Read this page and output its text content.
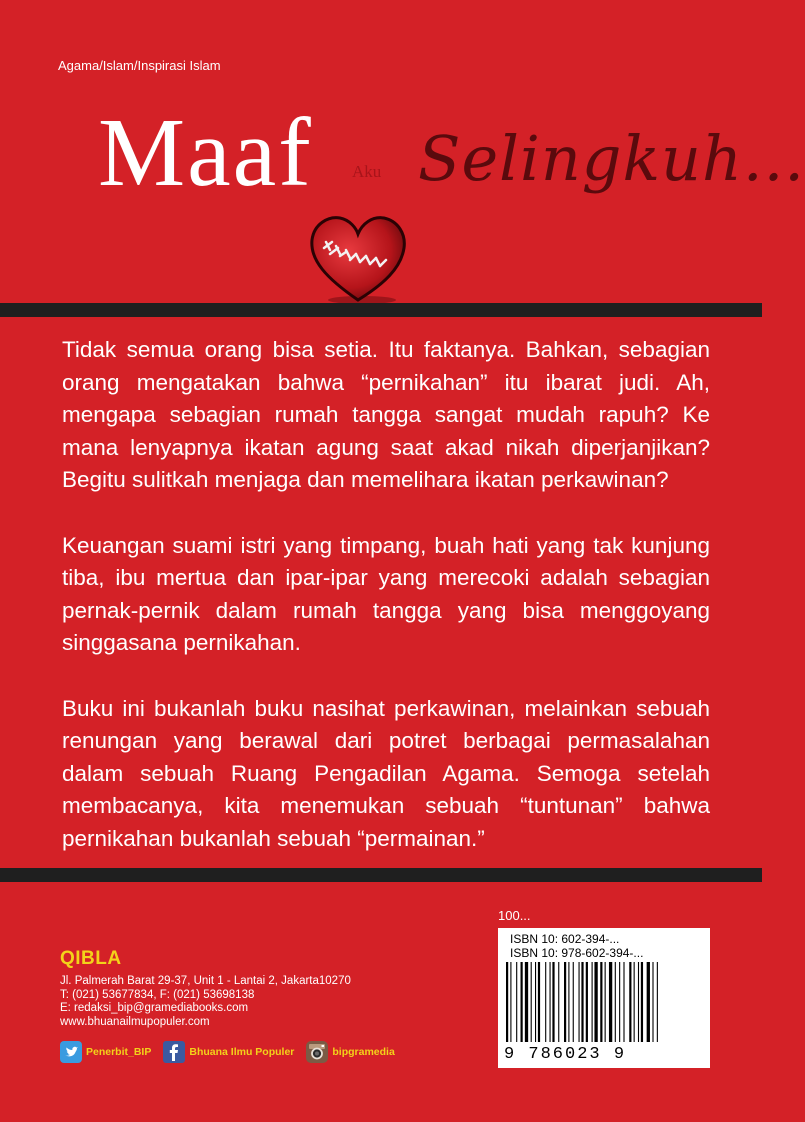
Agama/Islam/Inspirasi Islam
Maaf Aku Selingkuh...

Tidak semua orang bisa setia. Itu faktanya. Bahkan, sebagian orang mengatakan bahwa “pernikahan” itu ibarat judi. Ah, mengapa sebagian rumah tangga sangat mudah rapuh? Ke mana lenyapnya ikatan agung saat akad nikah diperjanjikan? Begitu sulitkah menjaga dan memelihara ikatan perkawinan?

Keuangan suami istri yang timpang, buah hati yang tak kunjung tiba, ibu mertua dan ipar-ipar yang merecoki adalah sebagian pernak-pernik dalam rumah tangga yang bisa menggoyang singgasana pernikahan.

Buku ini bukanlah buku nasihat perkawinan, melainkan sebuah renungan yang berawal dari potret berbagai permasalahan dalam sebuah Ruang Pengadilan Agama. Semoga setelah membacanya, kita menemukan sebuah “tuntunan” bahwa pernikahan bukanlah sebuah “permainan.”

QIBLA
Jl. Palmerah Barat 29-37, Unit 1 - Lantai 2, Jakarta10270
T: (021) 53677834, F: (021) 53698138
E: redaksi_bip@gramediabooks.com
www.bhuanailmupopuler.com
Penerbit_BIP	Bhuana Ilmu Populer	bipgramedia
100...
ISBN 10: 602-394-...
ISBN 10: 978-602-394-...
9 786023 9
